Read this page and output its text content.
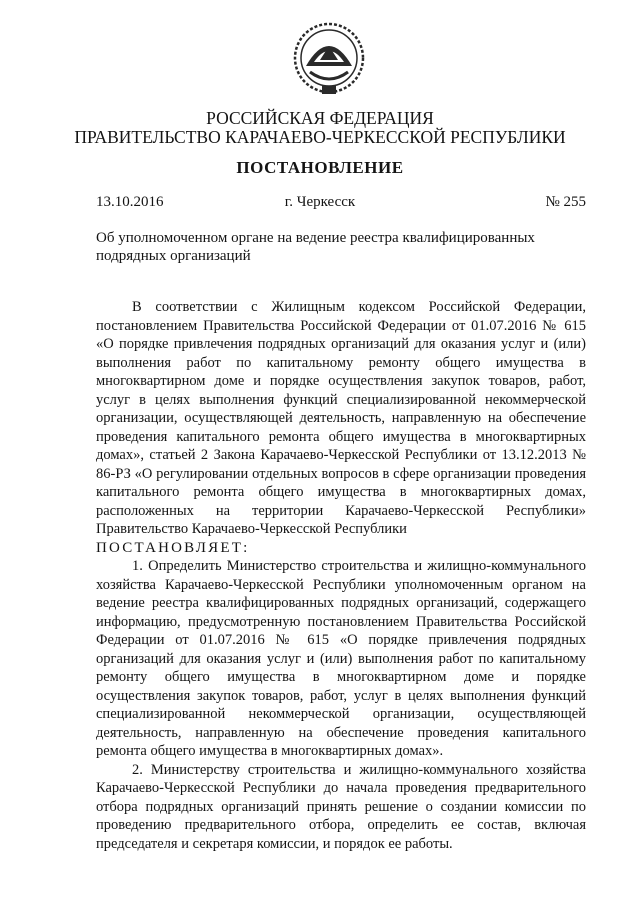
РОССИЙСКАЯ ФЕДЕРАЦИЯ
ПРАВИТЕЛЬСТВО КАРАЧАЕВО-ЧЕРКЕССКОЙ РЕСПУБЛИКИ
ПОСТАНОВЛЕНИЕ
13.10.2016	г. Черкесск	№ 255
Об уполномоченном органе на ведение реестра квалифицированных подрядных организаций

В соответствии с Жилищным кодексом Российской Федерации, постановлением Правительства Российской Федерации от 01.07.2016 № 615 «О порядке привлечения подрядных организаций для оказания услуг и (или) выполнения работ по капитальному ремонту общего имущества в многоквартирном доме и порядке осуществления закупок товаров, работ, услуг в целях выполнения функций специализированной некоммерческой организации, осуществляющей деятельность, направленную на обеспечение проведения капитального ремонта общего имущества в многоквартирных домах», статьей 2 Закона Карачаево-Черкесской Республики от 13.12.2013 № 86-РЗ «О регулировании отдельных вопросов в сфере организации проведения капитального ремонта общего имущества в многоквартирных домах, расположенных на территории Карачаево-Черкесской Республики» Правительство Карачаево-Черкесской Республики

ПОСТАНОВЛЯЕТ:

1. Определить Министерство строительства и жилищно-коммунального хозяйства Карачаево-Черкесской Республики уполномоченным органом на ведение реестра квалифицированных подрядных организаций, содержащего информацию, предусмотренную постановлением Правительства Российской Федерации от 01.07.2016 № 615 «О порядке привлечения подрядных организаций для оказания услуг и (или) выполнения работ по капитальному ремонту общего имущества в многоквартирном доме и порядке осуществления закупок товаров, работ, услуг в целях выполнения функций специализированной некоммерческой организации, осуществляющей деятельность, направленную на обеспечение проведения капитального ремонта общего имущества в многоквартирных домах».

2. Министерству строительства и жилищно-коммунального хозяйства Карачаево-Черкесской Республики до начала проведения предварительного отбора подрядных организаций принять решение о создании комиссии по проведению предварительного отбора, определить ее состав, включая председателя и секретаря комиссии, и порядок ее работы.
